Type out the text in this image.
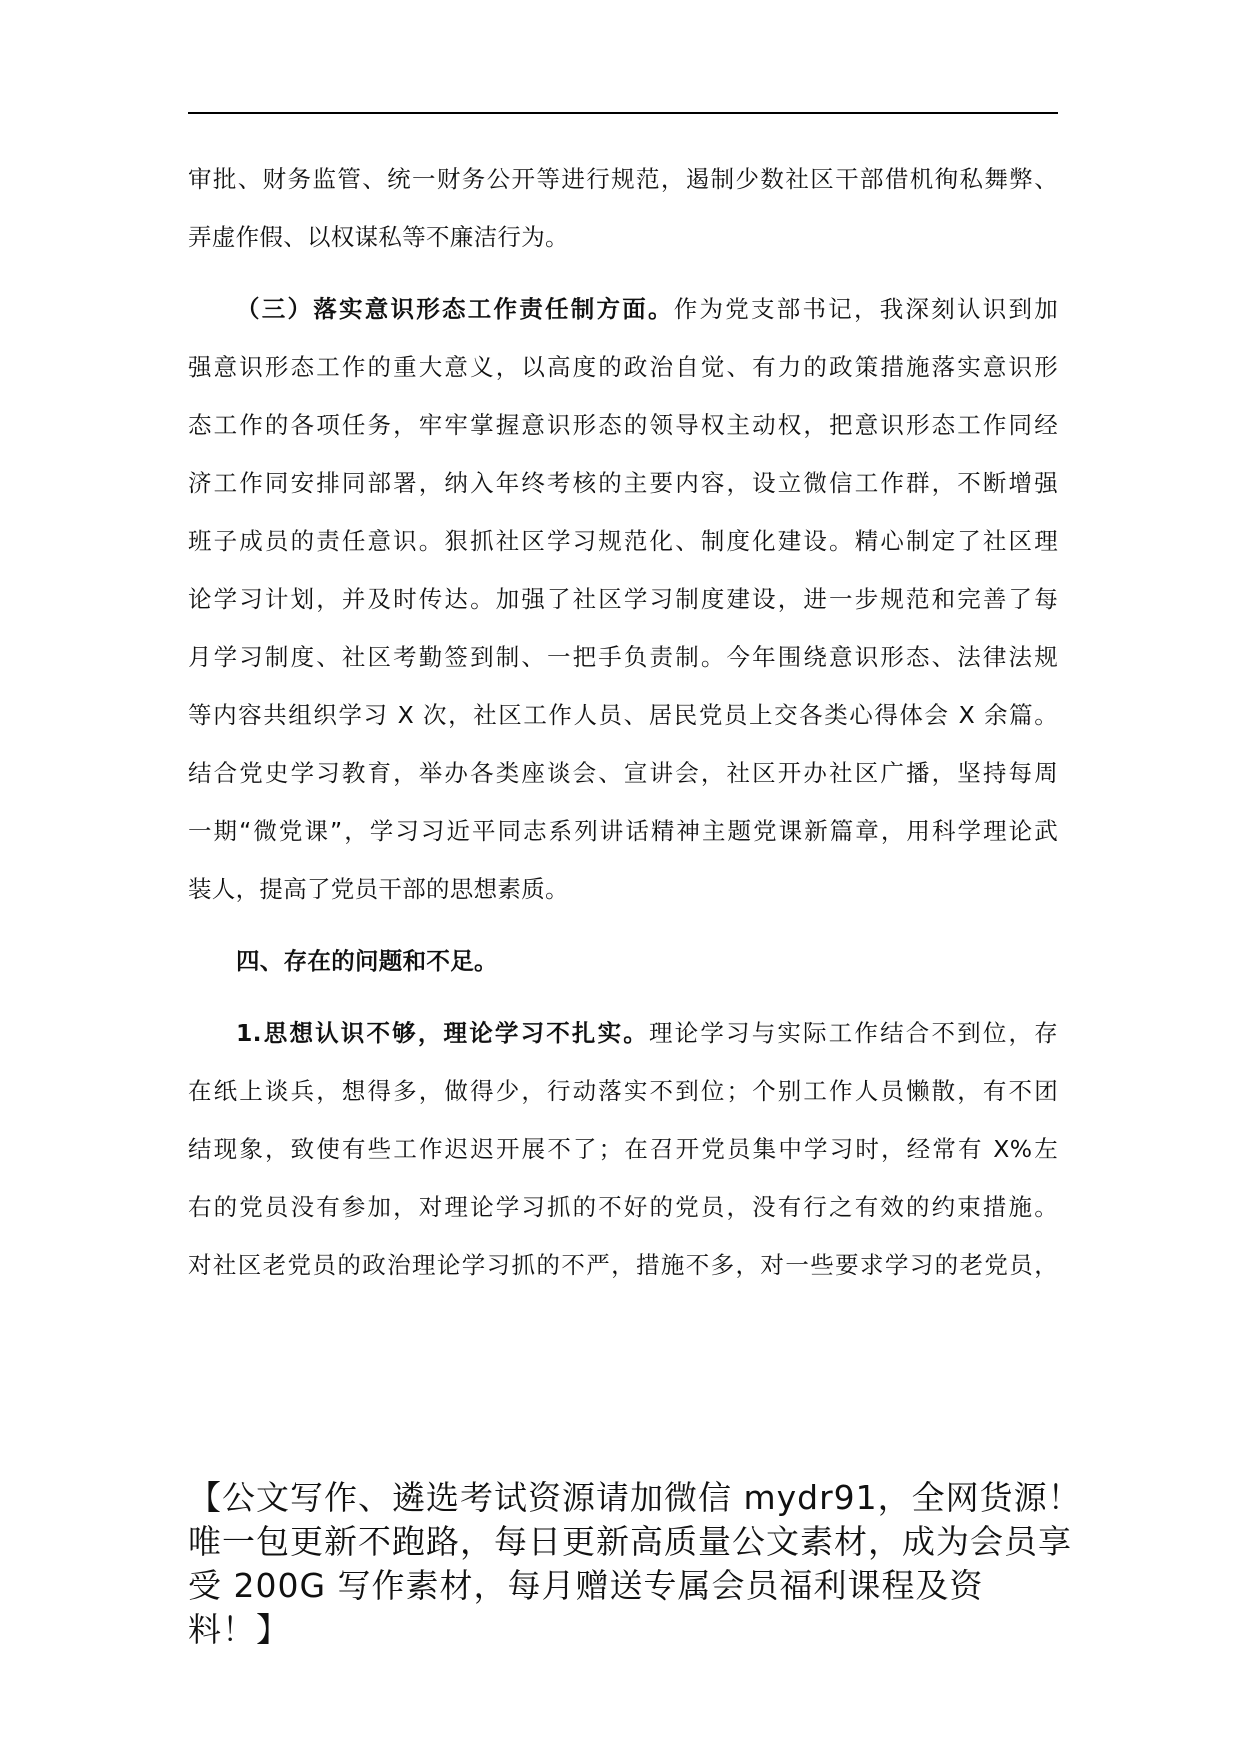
审批、财务监管、统一财务公开等进行规范，遏制少数社区干部借机徇私舞弊、
弄虚作假、以权谋私等不廉洁行为。
（三）落实意识形态工作责任制方面。作为党支部书记，我深刻认识到加
强意识形态工作的重大意义，以高度的政治自觉、有力的政策措施落实意识形
态工作的各项任务，牢牢掌握意识形态的领导权主动权，把意识形态工作同经
济工作同安排同部署，纳入年终考核的主要内容，设立微信工作群，不断增强
班子成员的责任意识。狠抓社区学习规范化、制度化建设。精心制定了社区理
论学习计划，并及时传达。加强了社区学习制度建设，进一步规范和完善了每
月学习制度、社区考勤签到制、一把手负责制。今年围绕意识形态、法律法规
等内容共组织学习 X 次，社区工作人员、居民党员上交各类心得体会 X 余篇。
结合党史学习教育，举办各类座谈会、宣讲会，社区开办社区广播，坚持每周
一期“微党课”，学习习近平同志系列讲话精神主题党课新篇章，用科学理论武
装人，提高了党员干部的思想素质。
四、存在的问题和不足。
1.思想认识不够，理论学习不扎实。理论学习与实际工作结合不到位，存
在纸上谈兵，想得多，做得少，行动落实不到位；个别工作人员懒散，有不团
结现象，致使有些工作迟迟开展不了；在召开党员集中学习时，经常有 X%左
右的党员没有参加，对理论学习抓的不好的党员，没有行之有效的约束措施。
对社区老党员的政治理论学习抓的不严，措施不多，对一些要求学习的老党员，
【公文写作、遴选考试资源请加微信 mydr91，全网货源！
唯一包更新不跑路，每日更新高质量公文素材，成为会员享
受 200G 写作素材，每月赠送专属会员福利课程及资
料！】
